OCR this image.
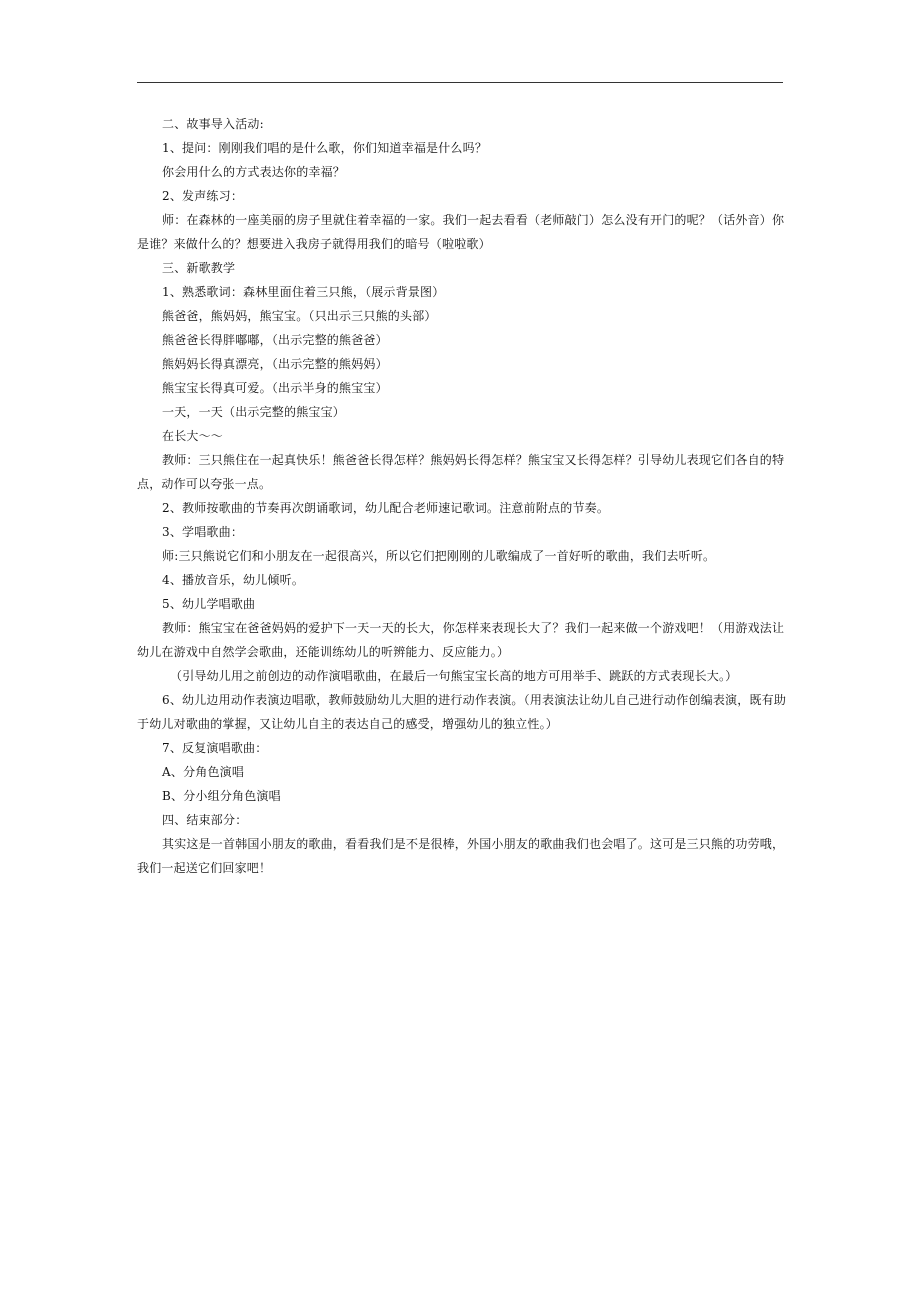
二、故事导入活动:

1、提问：刚刚我们唱的是什么歌，你们知道幸福是什么吗？

你会用什么的方式表达你的幸福？

2、发声练习：

师：在森林的一座美丽的房子里就住着幸福的一家。我们一起去看看（老师敲门）怎么没有开门的呢？（话外音）你是谁？来做什么的？想要进入我房子就得用我们的暗号（啦啦歌）

三、新歌教学

1、熟悉歌词：森林里面住着三只熊，（展示背景图）

熊爸爸，熊妈妈，熊宝宝。（只出示三只熊的头部）

熊爸爸长得胖嘟嘟，（出示完整的熊爸爸）

熊妈妈长得真漂亮，（出示完整的熊妈妈）

熊宝宝长得真可爱。（出示半身的熊宝宝）

一天，一天（出示完整的熊宝宝）

在长大～～

教师：三只熊住在一起真快乐！熊爸爸长得怎样？熊妈妈长得怎样？熊宝宝又长得怎样？引导幼儿表现它们各自的特点，动作可以夸张一点。

2、教师按歌曲的节奏再次朗诵歌词，幼儿配合老师速记歌词。注意前附点的节奏。

3、学唱歌曲：

师:三只熊说它们和小朋友在一起很高兴，所以它们把刚刚的儿歌编成了一首好听的歌曲，我们去听听。

4、播放音乐，幼儿倾听。

5、幼儿学唱歌曲

教师：熊宝宝在爸爸妈妈的爱护下一天一天的长大，你怎样来表现长大了？我们一起来做一个游戏吧！（用游戏法让幼儿在游戏中自然学会歌曲，还能训练幼儿的听辨能力、反应能力。）

（引导幼儿用之前创边的动作演唱歌曲，在最后一句熊宝宝长高的地方可用举手、跳跃的方式表现长大。）

6、幼儿边用动作表演边唱歌，教师鼓励幼儿大胆的进行动作表演。（用表演法让幼儿自己进行动作创编表演，既有助于幼儿对歌曲的掌握，又让幼儿自主的表达自己的感受，增强幼儿的独立性。）

7、反复演唱歌曲：

A、分角色演唱

B、分小组分角色演唱

四、结束部分：

其实这是一首韩国小朋友的歌曲，看看我们是不是很棒，外国小朋友的歌曲我们也会唱了。这可是三只熊的功劳哦，我们一起送它们回家吧！
